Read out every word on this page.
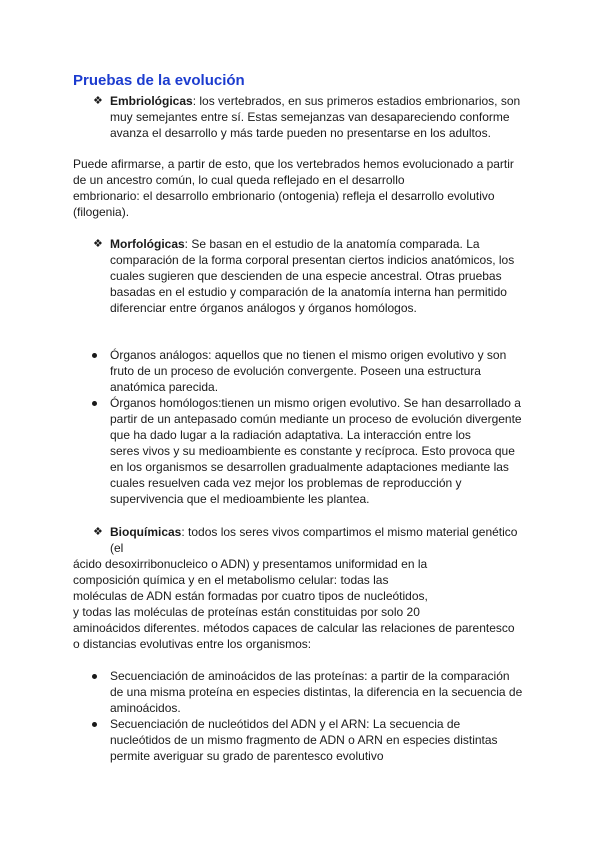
Pruebas de la evolución
❖ Embriológicas: los vertebrados, en sus primeros estadios embrionarios, son
muy semejantes entre sí. Estas semejanzas van desapareciendo conforme
avanza el desarrollo y más tarde pueden no presentarse en los adultos.
Puede afirmarse, a partir de esto, que los vertebrados hemos evolucionado a partir
de un ancestro común, lo cual queda reflejado en el desarrollo
embrionario: el desarrollo embrionario (ontogenia) refleja el desarrollo evolutivo
(filogenia).
❖ Morfológicas: Se basan en el estudio de la anatomía comparada. La
comparación de la forma corporal presentan ciertos indicios anatómicos, los
cuales sugieren que descienden de una especie ancestral. Otras pruebas
basadas en el estudio y comparación de la anatomía interna han permitido
diferenciar entre órganos análogos y órganos homólogos.
Órganos análogos: aquellos que no tienen el mismo origen evolutivo y son
fruto de un proceso de evolución convergente. Poseen una estructura
anatómica parecida.
Órganos homólogos:tienen un mismo origen evolutivo. Se han desarrollado a
partir de un antepasado común mediante un proceso de evolución divergente
que ha dado lugar a la radiación adaptativa. La interacción entre los
seres vivos y su medioambiente es constante y recíproca. Esto provoca que
en los organismos se desarrollen gradualmente adaptaciones mediante las
cuales resuelven cada vez mejor los problemas de reproducción y
supervivencia que el medioambiente les plantea.
❖ Bioquímicas: todos los seres vivos compartimos el mismo material genético
(el
ácido desoxirribonucleico o ADN) y presentamos uniformidad en la
composición química y en el metabolismo celular: todas las
moléculas de ADN están formadas por cuatro tipos de nucleótidos,
y todas las moléculas de proteínas están constituidas por solo 20
aminoácidos diferentes. métodos capaces de calcular las relaciones de parentesco
o distancias evolutivas entre los organismos:
Secuenciación de aminoácidos de las proteínas: a partir de la comparación
de una misma proteína en especies distintas, la diferencia en la secuencia de
aminoácidos.
Secuenciación de nucleótidos del ADN y el ARN: La secuencia de
nucleótidos de un mismo fragmento de ADN o ARN en especies distintas
permite averiguar su grado de parentesco evolutivo
